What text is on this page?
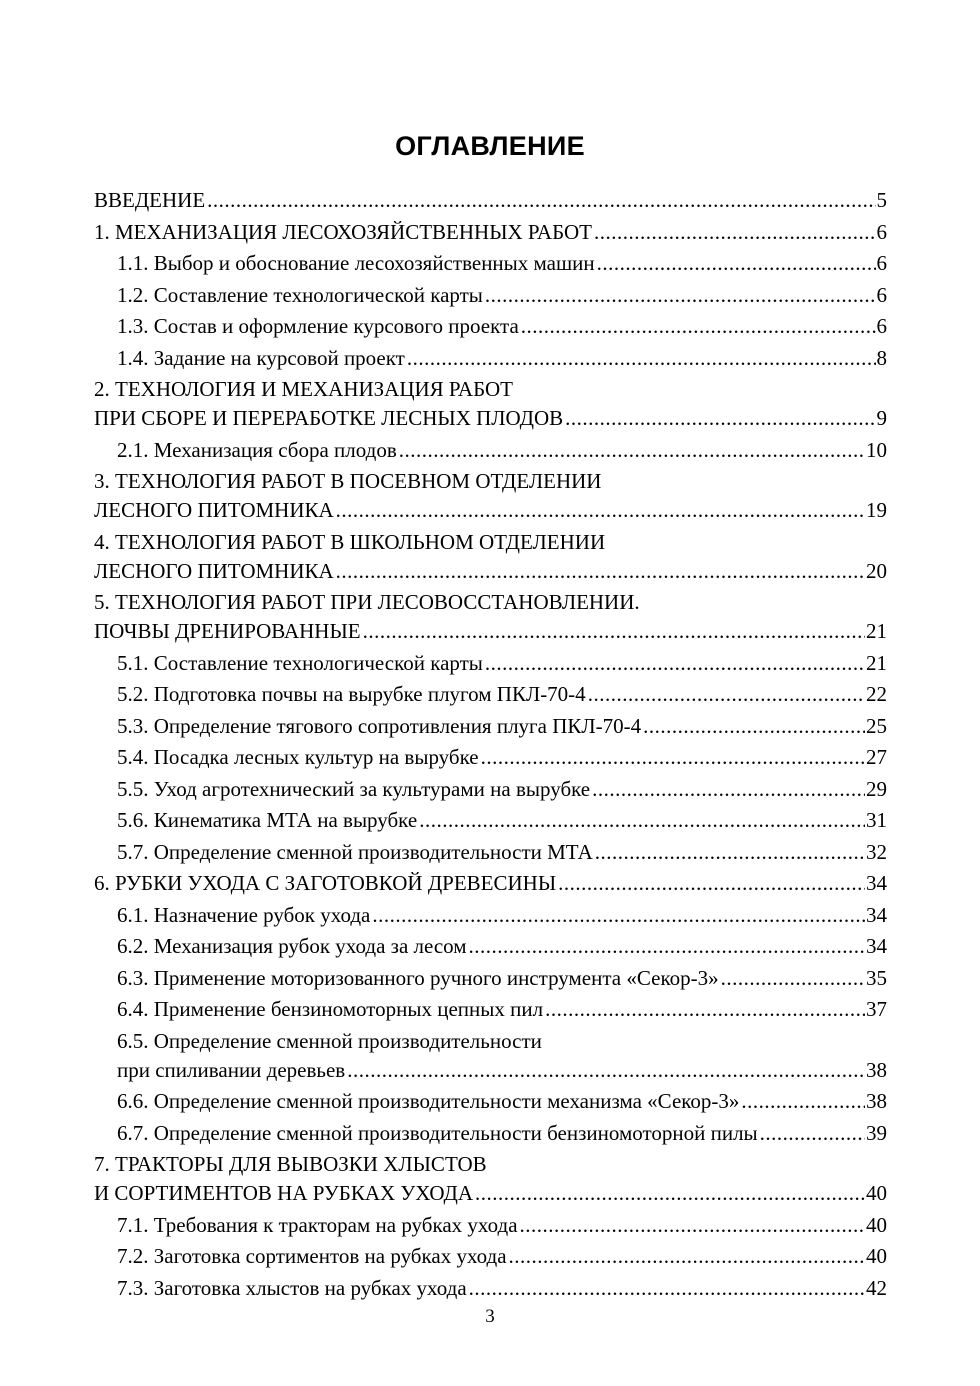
ОГЛАВЛЕНИЕ
ВВЕДЕНИЕ .....	5
1. МЕХАНИЗАЦИЯ ЛЕСОХОЗЯЙСТВЕННЫХ РАБОТ .....	6
1.1. Выбор и обоснование лесохозяйственных машин .....	6
1.2. Составление технологической карты .....	6
1.3. Состав и оформление курсового проекта .....	6
1.4. Задание на курсовой проект .....	8
2. ТЕХНОЛОГИЯ И МЕХАНИЗАЦИЯ РАБОТ
ПРИ СБОРЕ И ПЕРЕРАБОТКЕ ЛЕСНЫХ ПЛОДОВ .....	9
2.1. Механизация сбора плодов .....	10
3. ТЕХНОЛОГИЯ РАБОТ В ПОСЕВНОМ ОТДЕЛЕНИИ
ЛЕСНОГО ПИТОМНИКА .....	19
4. ТЕХНОЛОГИЯ РАБОТ В ШКОЛЬНОМ ОТДЕЛЕНИИ
ЛЕСНОГО ПИТОМНИКА .....	20
5. ТЕХНОЛОГИЯ РАБОТ ПРИ ЛЕСОВОССТАНОВЛЕНИИ.
ПОЧВЫ ДРЕНИРОВАННЫЕ .....	21
5.1. Составление технологической карты .....	21
5.2. Подготовка почвы на вырубке плугом ПКЛ-70-4 .....	22
5.3. Определение тягового сопротивления плуга ПКЛ-70-4 .....	25
5.4. Посадка лесных культур на вырубке .....	27
5.5. Уход агротехнический за культурами на вырубке .....	29
5.6. Кинематика МТА на вырубке .....	31
5.7. Определение сменной производительности МТА .....	32
6. РУБКИ УХОДА С ЗАГОТОВКОЙ ДРЕВЕСИНЫ .....	34
6.1. Назначение рубок ухода .....	34
6.2. Механизация рубок ухода за лесом .....	34
6.3. Применение моторизованного ручного инструмента «Секор-3» .....	35
6.4. Применение бензиномоторных цепных пил .....	37
6.5. Определение сменной производительности
при спиливании деревьев .....	38
6.6. Определение сменной производительности механизма «Секор-3» .....	38
6.7. Определение сменной производительности бензиномоторной пилы .....	39
7. ТРАКТОРЫ ДЛЯ ВЫВОЗКИ ХЛЫСТОВ
И СОРТИМЕНТОВ НА РУБКАХ УХОДА .....	40
7.1. Требования к тракторам на рубках ухода .....	40
7.2. Заготовка сортиментов на рубках ухода .....	40
7.3. Заготовка хлыстов на рубках ухода .....	42
3
